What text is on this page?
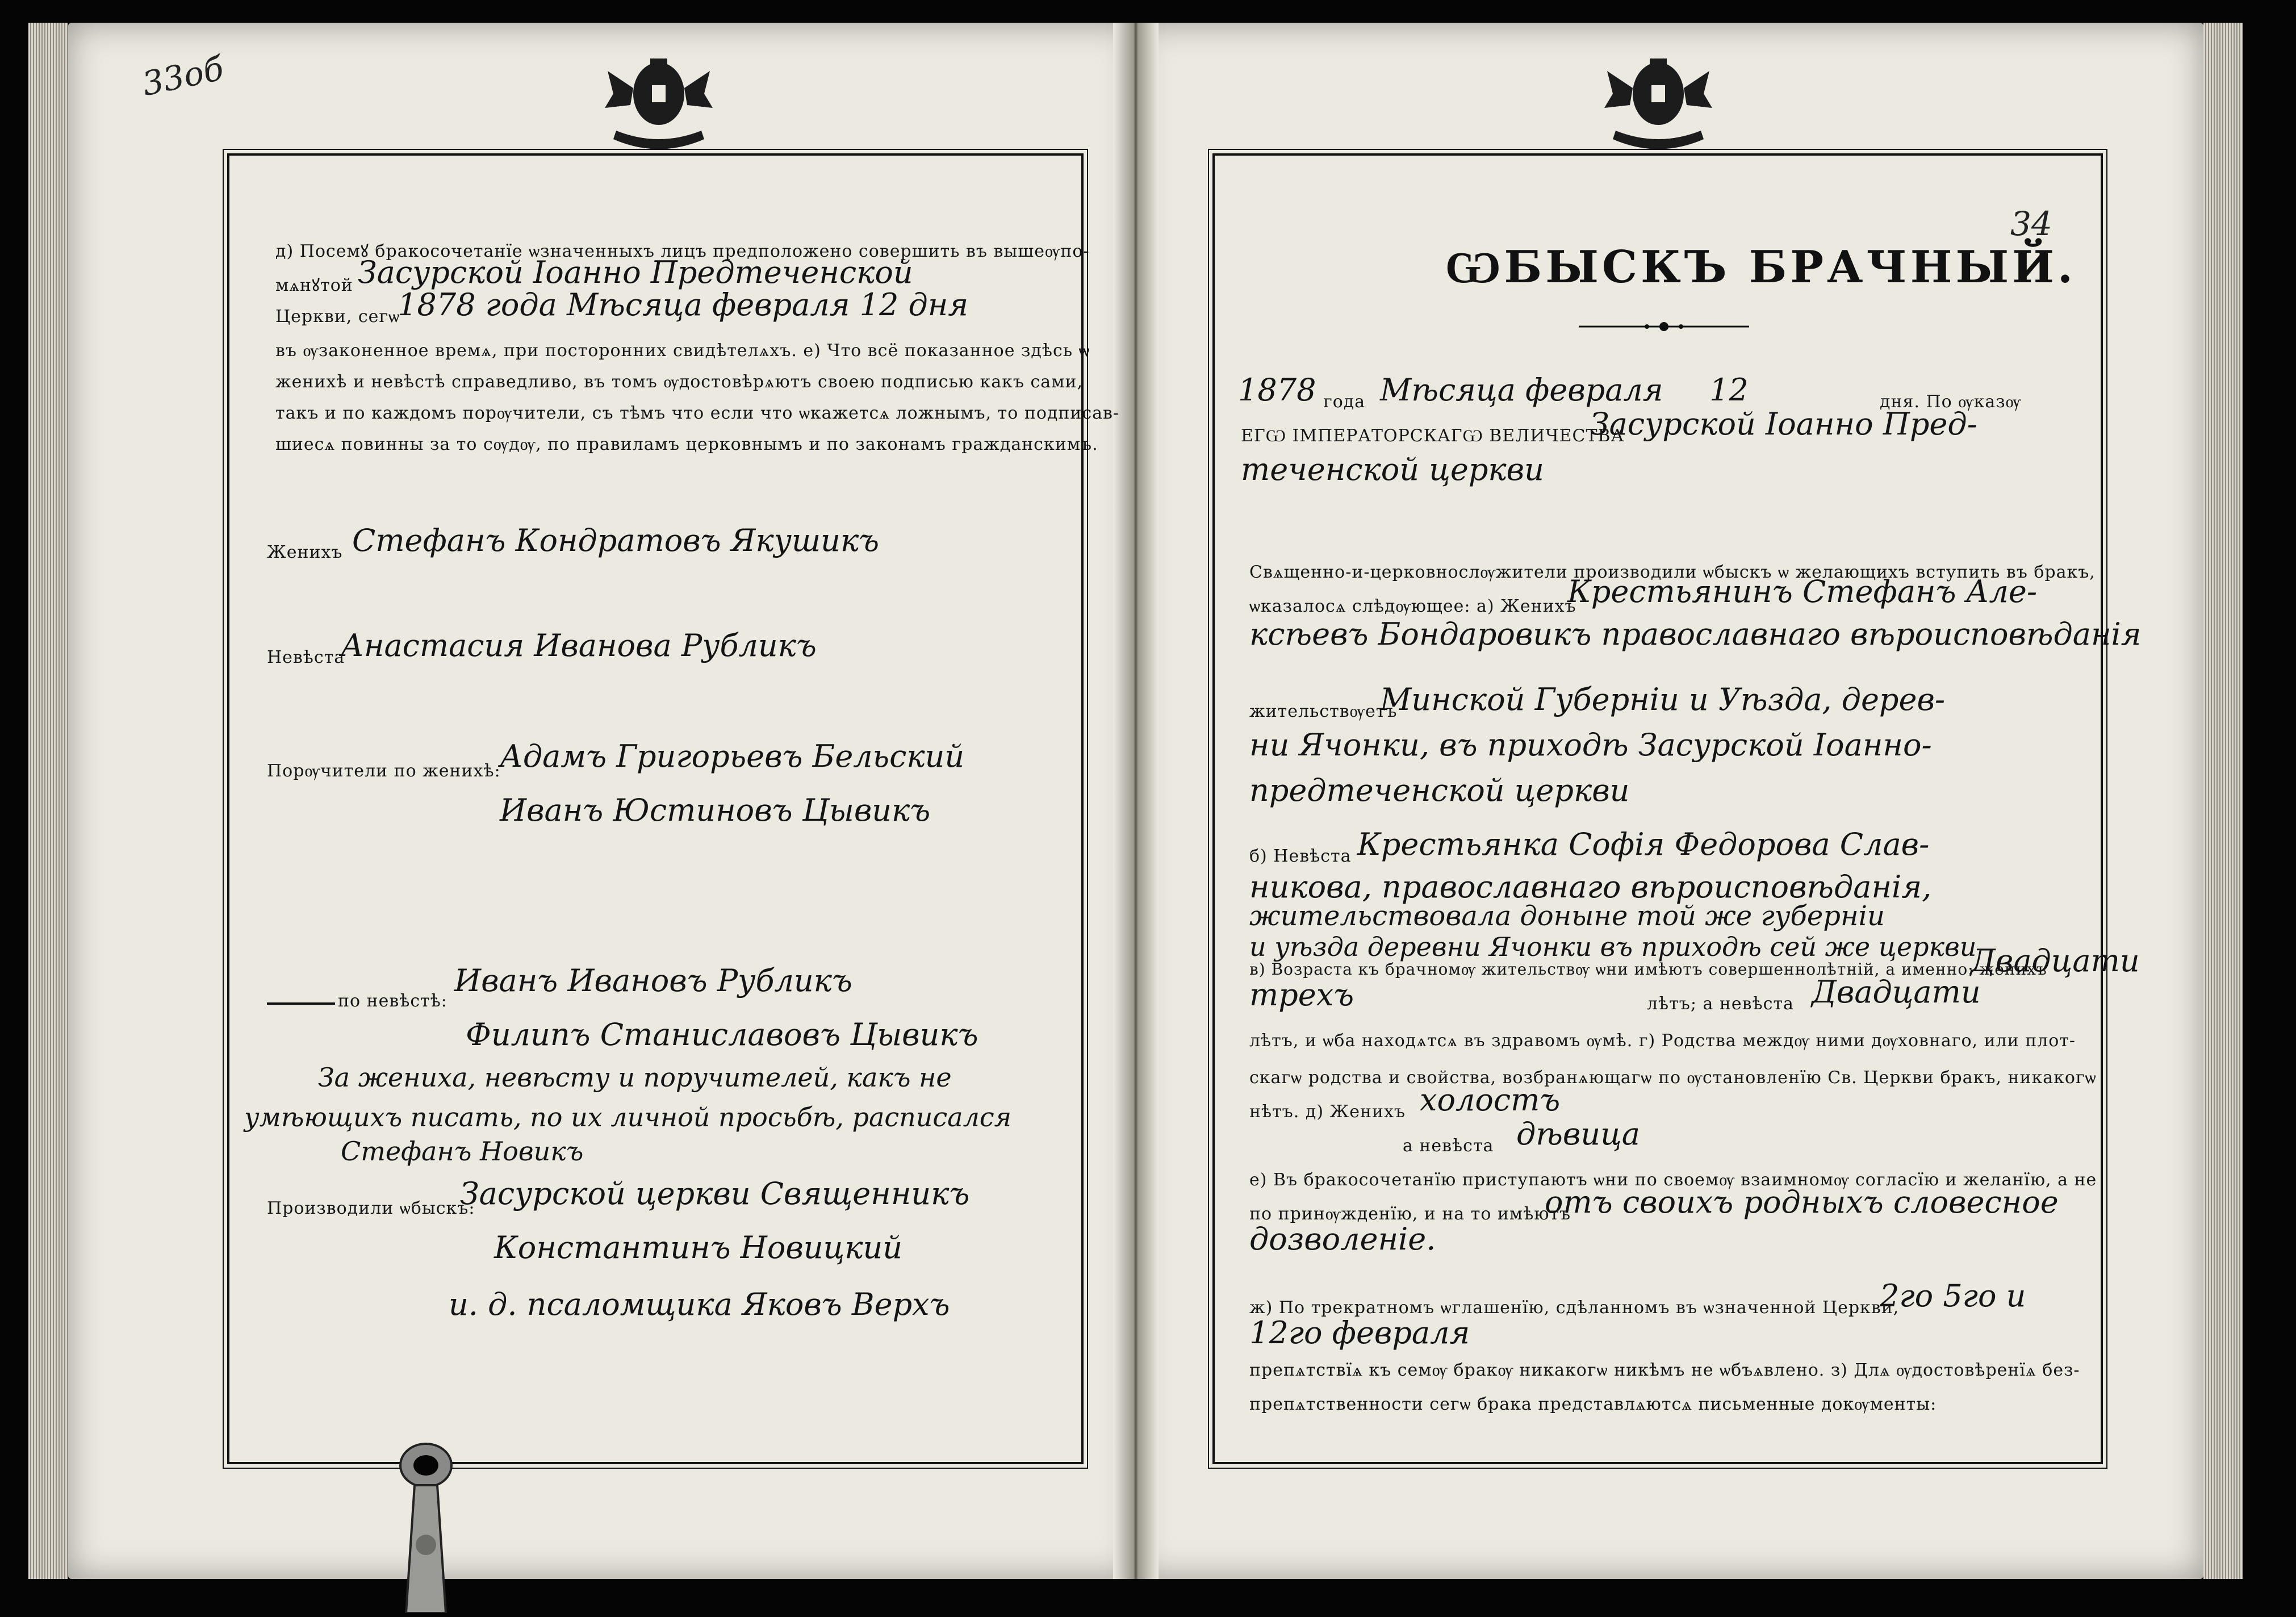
33об
34
д) Посемꙋ бракосочетанїе ѡзначенныхъ лицъ предположено совершить въ вышеѹпо-
мѧнꙋтой Засурской Іоанно Предтеченской
Церкви, сегѡ
1878 года Мѣсяца февраля 12 дня
въ ѹзаконенное времѧ, при посторонних свидѣтелѧхъ. е) Что всё показанное здѣсь ѡ
женихѣ и невѣстѣ справедливо, въ томъ ѹдостовѣрѧютъ своею подписью какъ сами,
такъ и по каждомъ порѹчители, съ тѣмъ что если что ѡкажетсѧ ложнымъ, то подписав-
шиесѧ повинны за то сѹдѹ, по правиламъ церковнымъ и по законамъ гражданскимъ.
Женихъ Стефанъ Кондратовъ Якушикъ
Невѣста
Анастасия Иванова Рубликъ
Порѹчители по женихѣ:
Адамъ Григорьевъ Бельский
Иванъ Юстиновъ Цывикъ
по невѣстѣ:
Иванъ Ивановъ Рубликъ
Филипъ Станиславовъ Цывикъ
За жениха, невѣсту и поручителей, какъ не
умѣющихъ писать, по их личной просьбѣ, расписался
Стефанъ Новикъ
Производили ѡбыскъ:
Засурской церкви Священникъ
Константинъ Новицкий
и. д. псаломщика Яковъ Верхъ
ѠБЫСКЪ БРАЧНЫЙ.
1878 года Мѣсяца февраля 12	дня. По ѹказѹ
ЕГѠ ІМПЕРАТОРСКАГѠ ВЕЛИЧЕСТВА
Засурской Іоанно Пред-
теченской церкви
Свѧщенно-и-церковнослѹжители производили ѡбыскъ ѡ желающихъ вступить въ бракъ,
ѡказалосѧ слѣдѹющее: а) Женихъ
Крестьянинъ Стефанъ Але-
ксѣевъ Бондаровикъ православнаго вѣроисповѣданія
жительствѹетъ
Минской Губерніи и Уѣзда, дерев-
ни Ячонки, въ приходѣ Засурской Іоанно-
предтеченской церкви
б) Невѣста Крестьянка Софія Федорова Слав-
никова, православнаго вѣроисповѣданія,
жительствовала доныне той же губерніи
и уѣзда деревни Ячонки въ приходѣ сей же церкви
в) Возраста къ брачномѹ жительствѹ ѡни имѣютъ совершеннолѣтній, а именно: женихъ
Двадцати
трехъ	лѣтъ; а невѣста Двадцати
лѣтъ, и ѡба находѧтсѧ въ здравомъ ѹмѣ. г) Родства междѹ ними дѹховнаго, или плот-
скагѡ родства и свойства, возбранѧющагѡ по ѹстановленїю Св. Церкви бракъ, никакогѡ
нѣтъ. д) Женихъ холостъ
а невѣста дѣвица
е) Въ бракосочетанїю приступаютъ ѡни по своемѹ взаимномѹ согласїю и желанїю, а не
по принѹжденїю, и на то имѣютъ
отъ своихъ родныхъ словесное
дозволеніе.
ж) По трекратномъ ѡглашенїю, сдѣланномъ въ ѡзначенной Церкви,
2го 5го и
12го февраля
препѧтствїѧ къ семѹ бракѹ никакогѡ никѣмъ не ѡбъѧвлено. з) Длѧ ѹдостовѣренїѧ без-
препѧтственности сегѡ брака представлѧютсѧ письменные докѹменты:
